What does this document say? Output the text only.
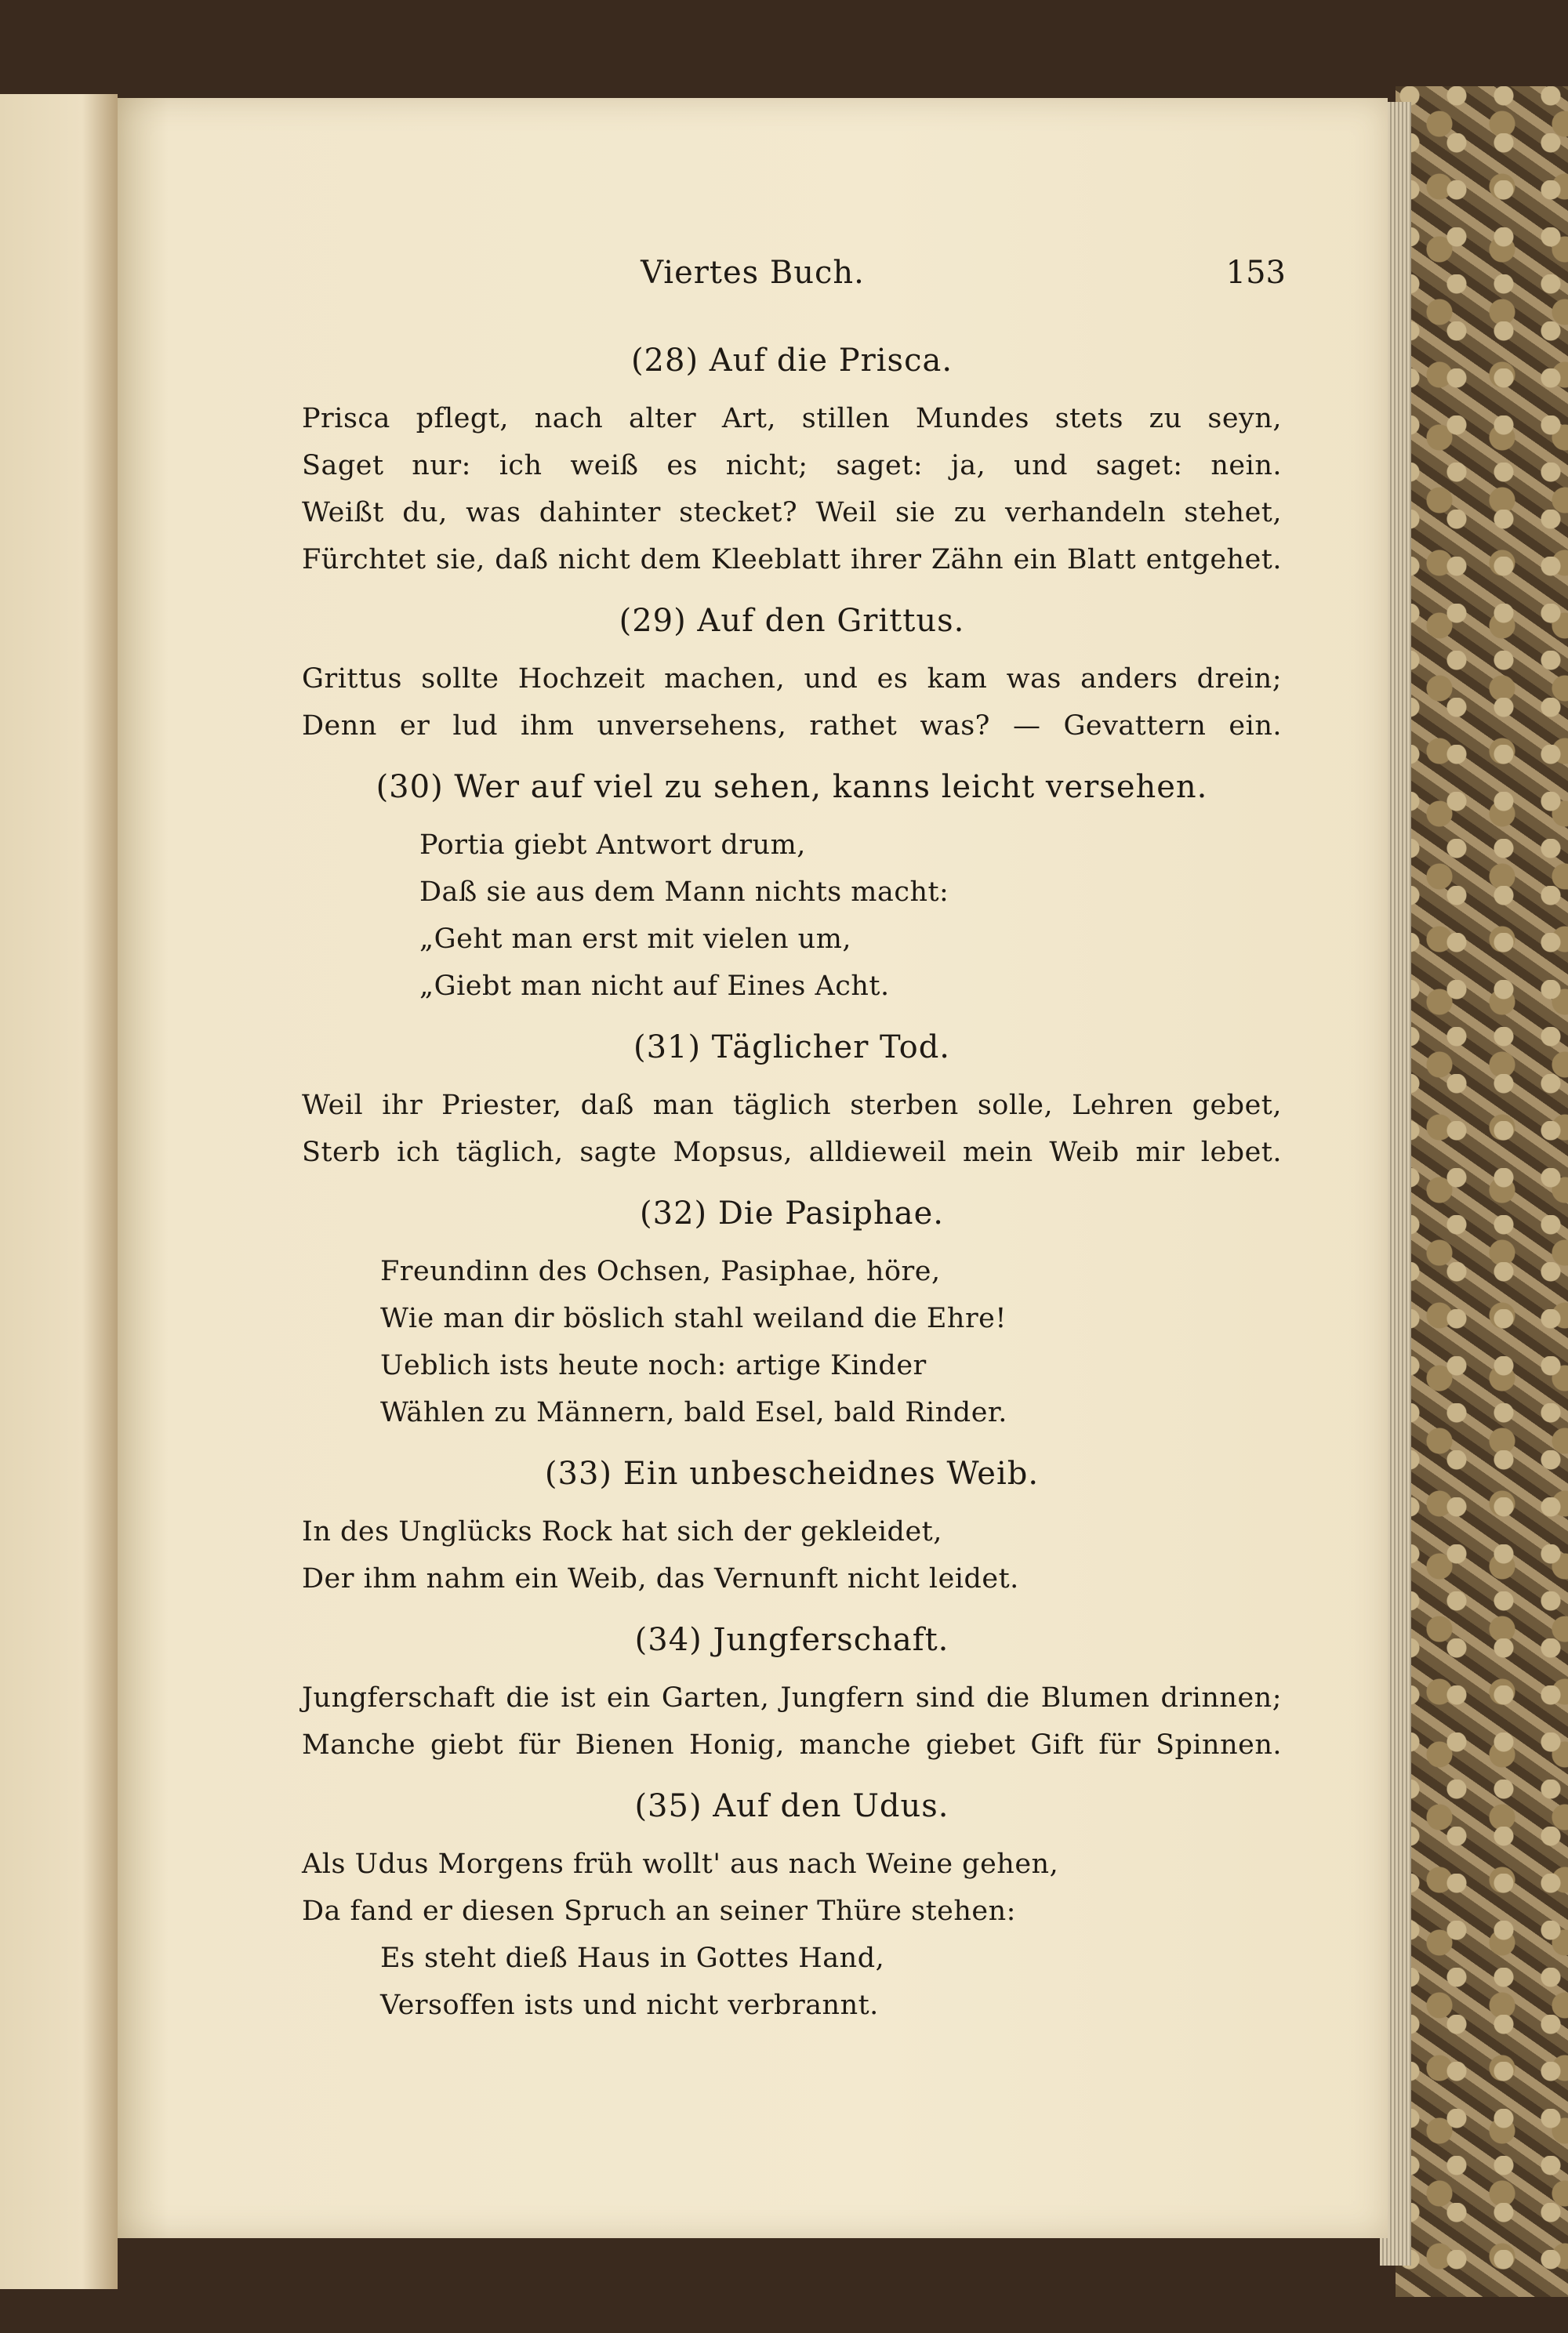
Viertes Buch.	153
(28) Auf die Prisca.
Prisca pflegt, nach alter Art, stillen Mundes stets zu seyn,
Saget nur: ich weiß es nicht; saget: ja, und saget: nein.
Weißt du, was dahinter stecket? Weil sie zu verhandeln stehet,
Fürchtet sie, daß nicht dem Kleeblatt ihrer Zähn ein Blatt entgehet.
(29) Auf den Grittus.
Grittus sollte Hochzeit machen, und es kam was anders drein;
Denn er lud ihm unversehens, rathet was? — Gevattern ein.
(30) Wer auf viel zu sehen, kanns leicht versehen.
Portia giebt Antwort drum,
Daß sie aus dem Mann nichts macht:
„Geht man erst mit vielen um,
„Giebt man nicht auf Eines Acht.
(31) Täglicher Tod.
Weil ihr Priester, daß man täglich sterben solle, Lehren gebet,
Sterb ich täglich, sagte Mopsus, alldieweil mein Weib mir lebet.
(32) Die Pasiphae.
Freundinn des Ochsen, Pasiphae, höre,
Wie man dir böslich stahl weiland die Ehre!
Ueblich ists heute noch: artige Kinder
Wählen zu Männern, bald Esel, bald Rinder.
(33) Ein unbescheidnes Weib.
In des Unglücks Rock hat sich der gekleidet,
Der ihm nahm ein Weib, das Vernunft nicht leidet.
(34) Jungferschaft.
Jungferschaft die ist ein Garten, Jungfern sind die Blumen drinnen;
Manche giebt für Bienen Honig, manche giebet Gift für Spinnen.
(35) Auf den Udus.
Als Udus Morgens früh wollt' aus nach Weine gehen,
Da fand er diesen Spruch an seiner Thüre stehen:
Es steht dieß Haus in Gottes Hand,
Versoffen ists und nicht verbrannt.
